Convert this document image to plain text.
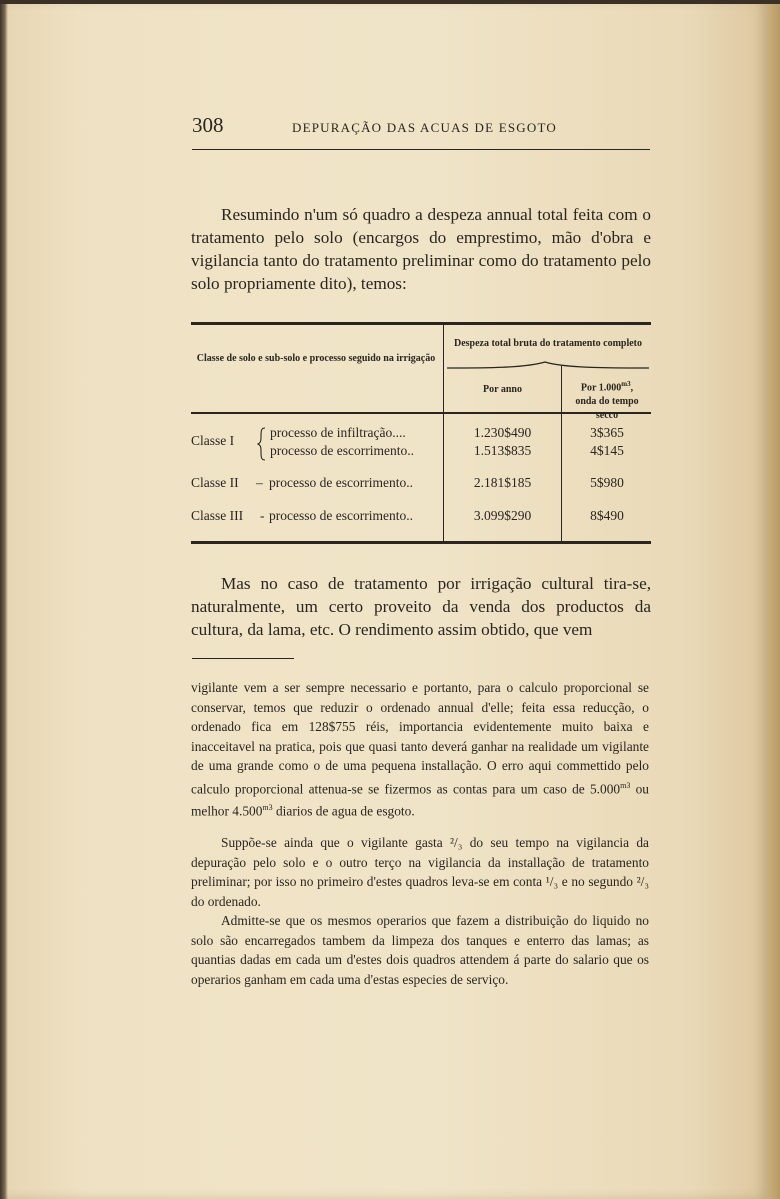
308	DEPURAÇÃO DAS ACUAS DE ESGOTO

Resumindo n'um só quadro a despeza annual total feita com o tratamento pelo solo (encargos do emprestimo, mão d'obra e vigilancia tanto do tratamento preliminar como do tratamento pelo solo propriamente dito), temos:

Classe de solo e sub-solo e processo seguido na irrigação
Despeza total bruta do tratamento completo
Por anno	Por $1.000^{m3}$,
onda do tempo secco
Classe I
processo de infiltração....	1.230$490	3$365
processo de escorrimento..	1.513$835	4$145
Classe II – processo de escorrimento..	2.181$185	5$980
Classe III - processo de escorrimento..	3.099$290	8$490

Mas no caso de tratamento por irrigação cultural tira-se, naturalmente, um certo proveito da venda dos productos da cultura, da lama, etc. O rendimento assim obtido, que vem

vigilante vem a ser sempre necessario e portanto, para o calculo proporcional se conservar, temos que reduzir o ordenado annual d'elle; feita essa reducção, o ordenado fica em 128$755 réis, importancia evidentemente muito baixa e inacceitavel na pratica, pois que quasi tanto deverá ganhar na realidade um vigilante de uma grande como o de uma pequena installação. O erro aqui commettido pelo calculo proporcional attenua-se se fizermos as contas para um caso de $5.000^{m3}$ ou melhor $4.500^{m3}$ diarios de agua de esgoto.

Suppõe-se ainda que o vigilante gasta ²/₃ do seu tempo na vigilancia da depuração pelo solo e o outro terço na vigilancia da installação de tratamento preliminar; por isso no primeiro d'estes quadros leva-se em conta ¹/₃ e no segundo ²/₃ do ordenado.

Admitte-se que os mesmos operarios que fazem a distribuição do liquido no solo são encarregados tambem da limpeza dos tanques e enterro das lamas; as quantias dadas em cada um d'estes dois quadros attendem á parte do salario que os operarios ganham em cada uma d'estas especies de serviço.
